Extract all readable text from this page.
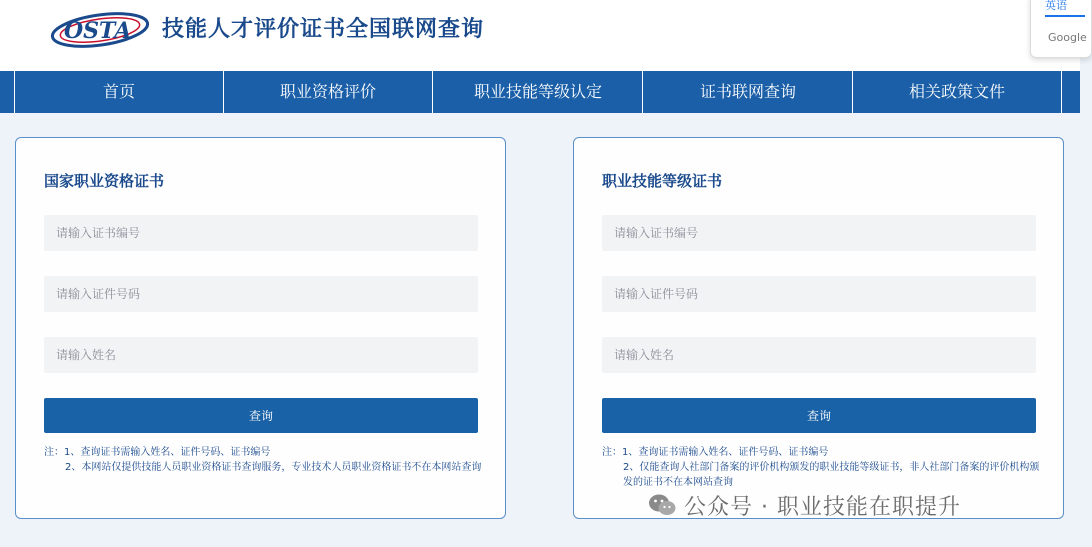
OSTA 技能人才评价证书全国联网查询
英语
Google
首页	职业资格评价	职业技能等级认定	证书联网查询	相关政策文件
国家职业资格证书
请输入证书编号
请输入证件号码
请输入姓名
查询
注：1、查询证书需输入姓名、证件号码、证书编号
2、本网站仅提供技能人员职业资格证书查询服务，专业技术人员职业资格证书不在本网站查询
职业技能等级证书
请输入证书编号
请输入证件号码
请输入姓名
查询
注：1、查询证书需输入姓名、证件号码、证书编号
2、仅能查询人社部门备案的评价机构颁发的职业技能等级证书，非人社部门备案的评价机构颁发的证书不在本网站查询
公众号 · 职业技能在职提升
